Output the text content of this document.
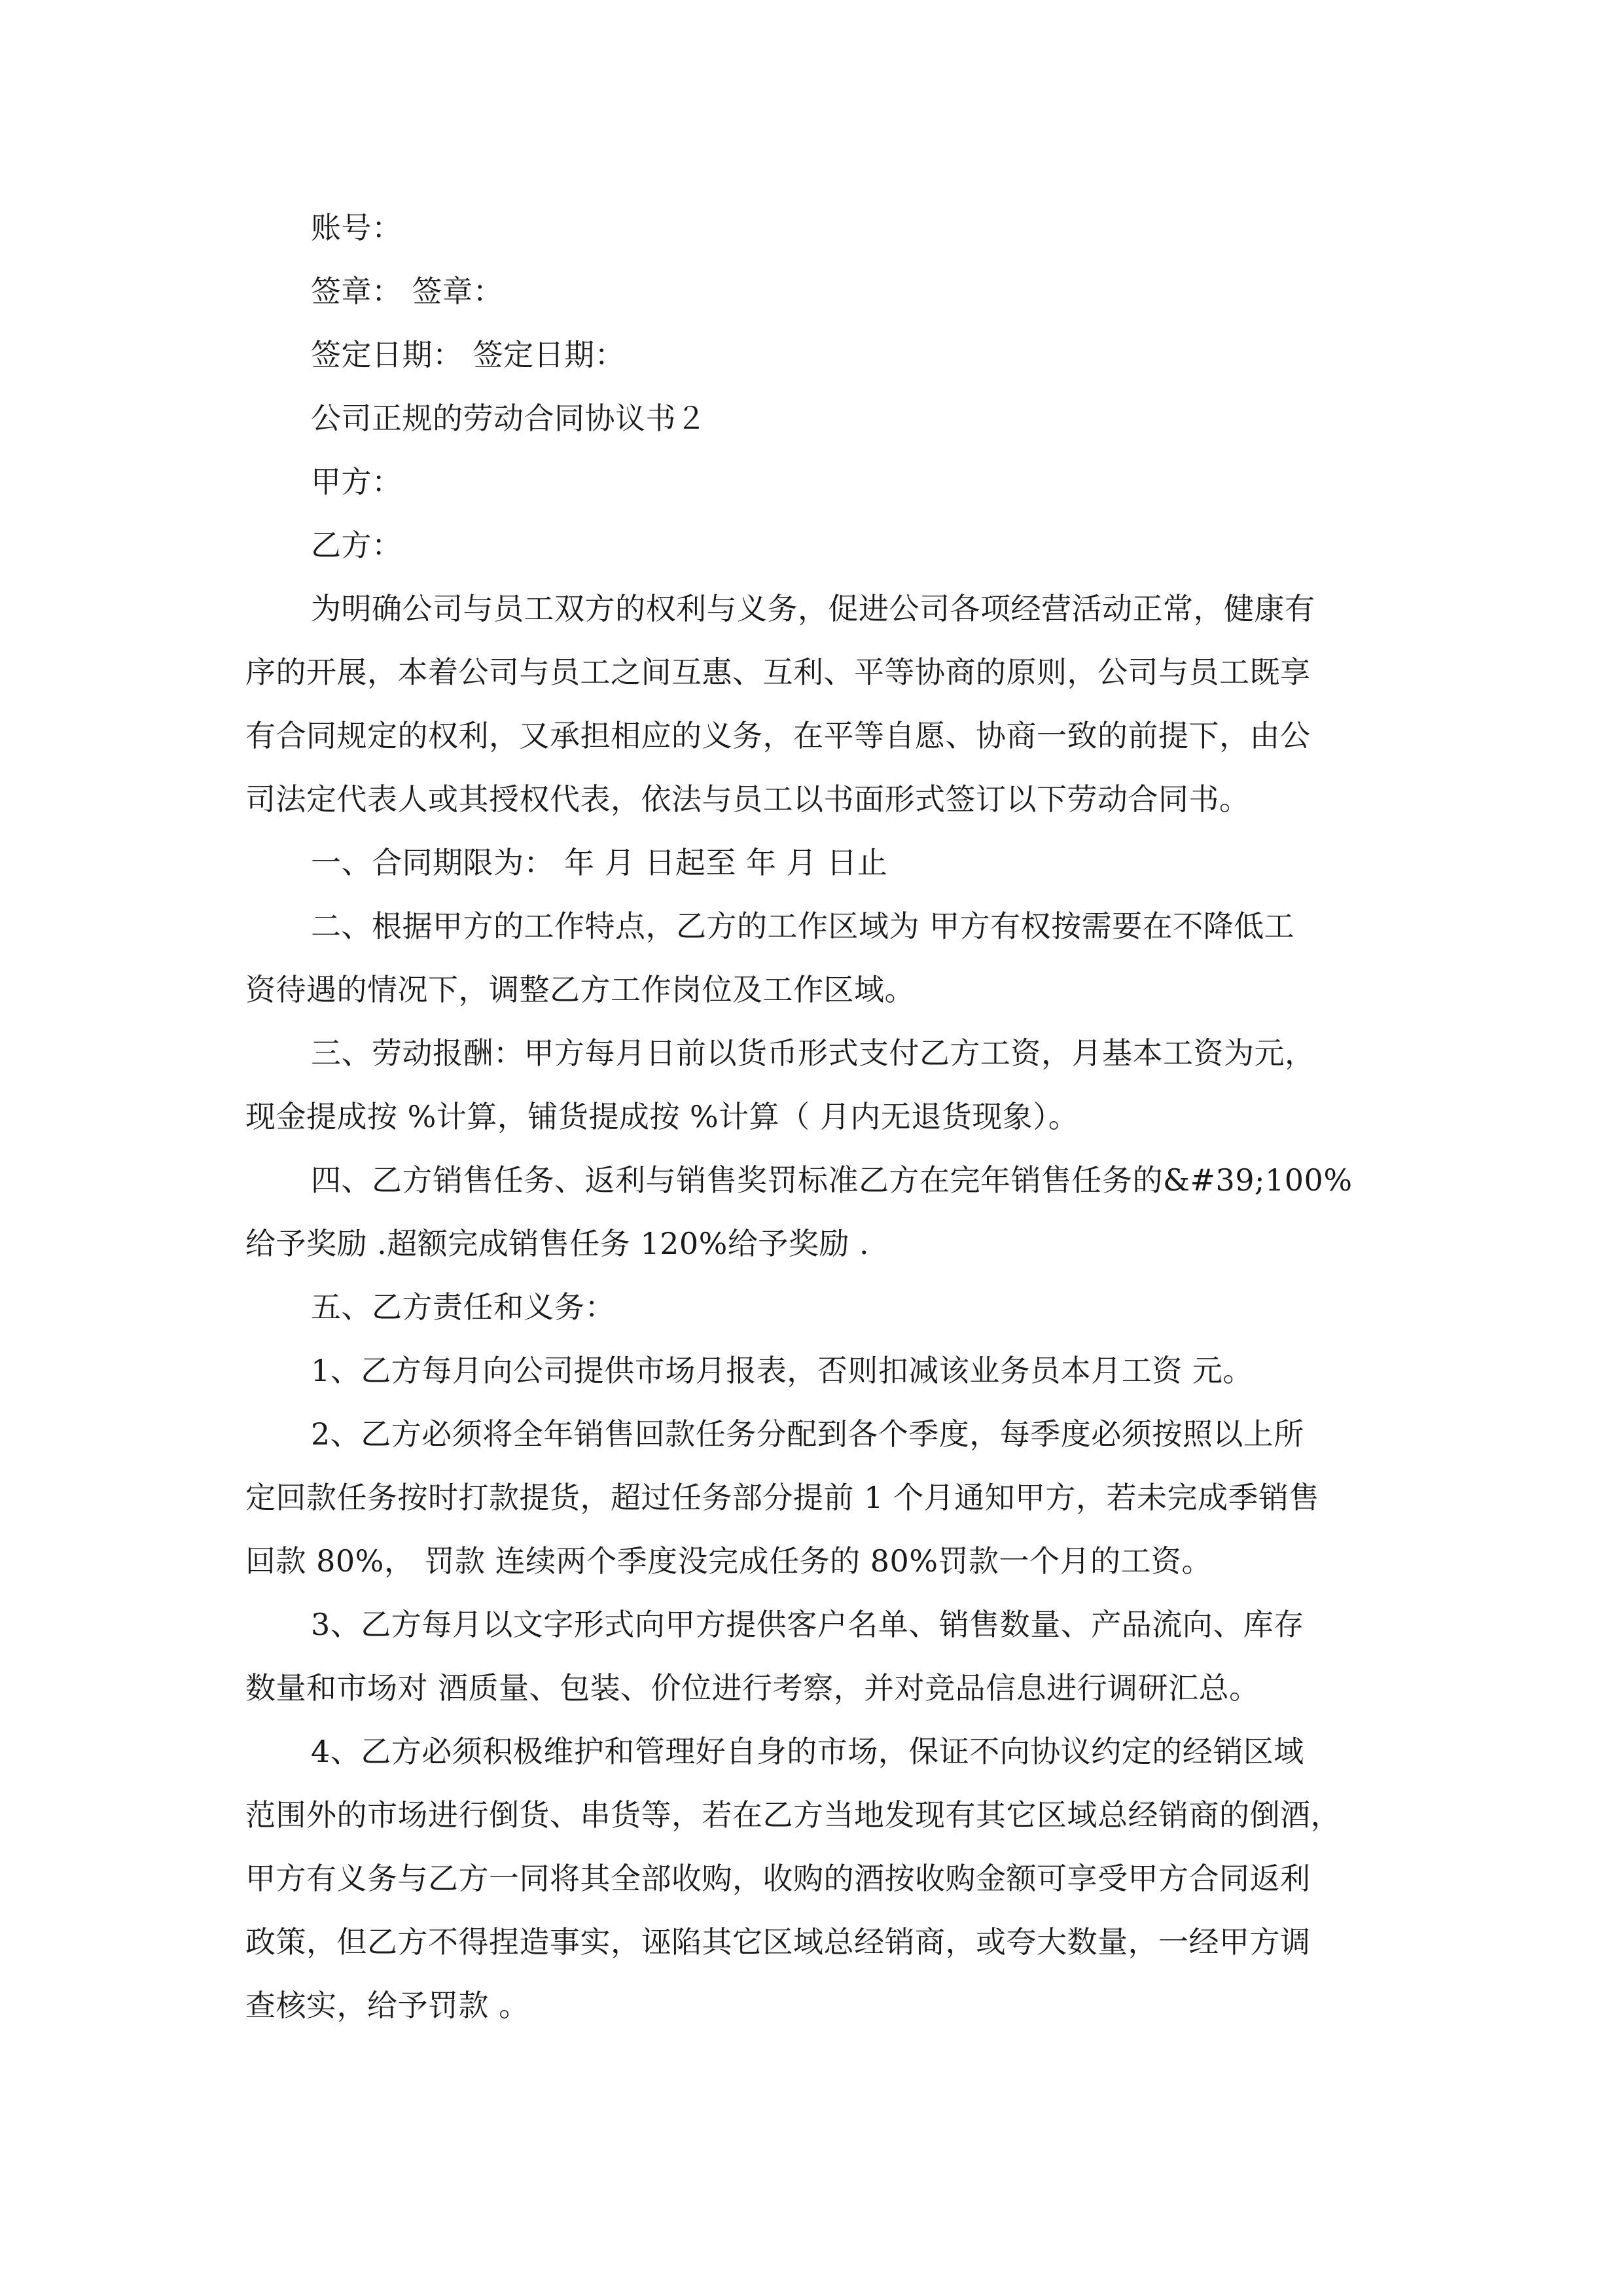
账号：
签章： 签章：
签定日期： 签定日期：
公司正规的劳动合同协议书２
甲方：
乙方：
为明确公司与员工双方的权利与义务，促进公司各项经营活动正常，健康有
序的开展，本着公司与员工之间互惠、互利、平等协商的原则，公司与员工既享
有合同规定的权利，又承担相应的义务，在平等自愿、协商一致的前提下，由公
司法定代表人或其授权代表，依法与员工以书面形式签订以下劳动合同书。
一、合同期限为： 年 月 日起至 年 月 日止
二、根据甲方的工作特点，乙方的工作区域为 甲方有权按需要在不降低工
资待遇的情况下，调整乙方工作岗位及工作区域。
三、劳动报酬：甲方每月日前以货币形式支付乙方工资，月基本工资为元，
现金提成按 %计算，铺货提成按 %计算（ 月内无退货现象）。
四、乙方销售任务、返利与销售奖罚标准乙方在完年销售任务的&#39;100%
给予奖励 .超额完成销售任务 120%给予奖励 .
五、乙方责任和义务：
1、乙方每月向公司提供市场月报表，否则扣减该业务员本月工资 元。
2、乙方必须将全年销售回款任务分配到各个季度，每季度必须按照以上所
定回款任务按时打款提货，超过任务部分提前 1 个月通知甲方，若未完成季销售
回款 80%， 罚款 连续两个季度没完成任务的 80%罚款一个月的工资。
3、乙方每月以文字形式向甲方提供客户名单、销售数量、产品流向、库存
数量和市场对 酒质量、包装、价位进行考察，并对竞品信息进行调研汇总。
4、乙方必须积极维护和管理好自身的市场，保证不向协议约定的经销区域
范围外的市场进行倒货、串货等，若在乙方当地发现有其它区域总经销商的倒酒，
甲方有义务与乙方一同将其全部收购，收购的酒按收购金额可享受甲方合同返利
政策，但乙方不得捏造事实，诬陷其它区域总经销商，或夸大数量，一经甲方调
查核实，给予罚款 。
